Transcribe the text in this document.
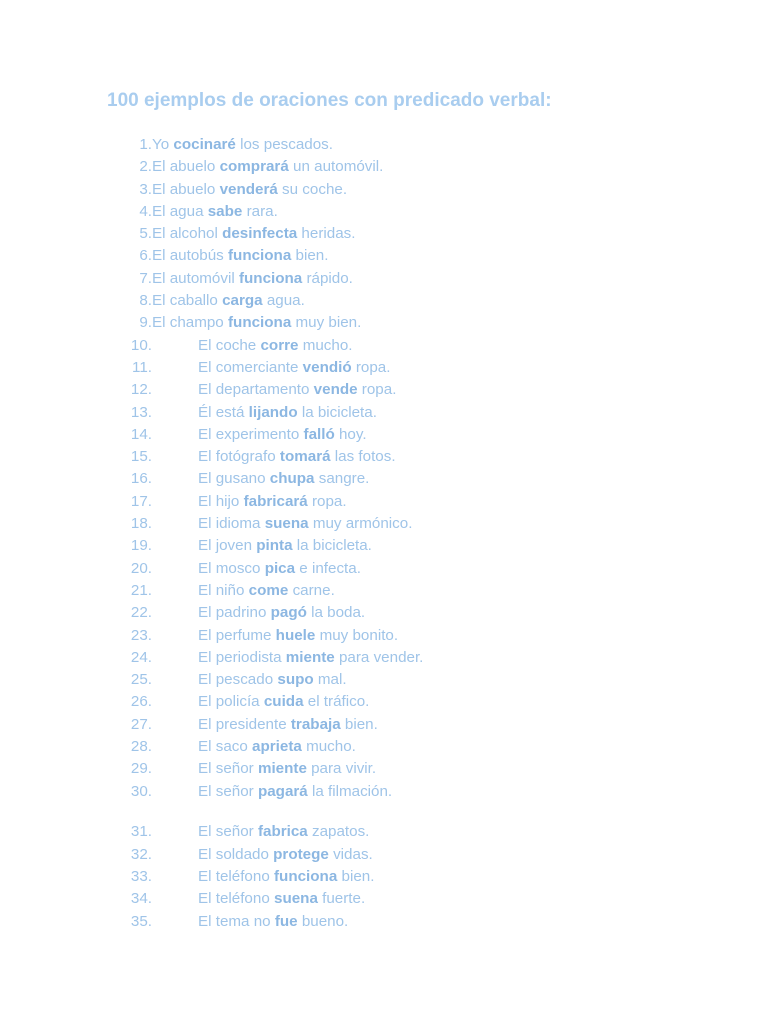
100 ejemplos de oraciones con predicado verbal:
1. Yo cocinaré los pescados.
2. El abuelo comprará un automóvil.
3. El abuelo venderá su coche.
4. El agua sabe rara.
5. El alcohol desinfecta heridas.
6. El autobús funciona bien.
7. El automóvil funciona rápido.
8. El caballo carga agua.
9. El champo funciona muy bien.
10.	El coche corre mucho.
11.	El comerciante vendió ropa.
12.	El departamento vende ropa.
13.	Él está lijando la bicicleta.
14.	El experimento falló hoy.
15.	El fotógrafo tomará las fotos.
16.	El gusano chupa sangre.
17.	El hijo fabricará ropa.
18.	El idioma suena muy armónico.
19.	El joven pinta la bicicleta.
20.	El mosco pica e infecta.
21.	El niño come carne.
22.	El padrino pagó la boda.
23.	El perfume huele muy bonito.
24.	El periodista miente para vender.
25.	El pescado supo mal.
26.	El policía cuida el tráfico.
27.	El presidente trabaja bien.
28.	El saco aprieta mucho.
29.	El señor miente para vivir.
30.	El señor pagará la filmación.
31.	El señor fabrica zapatos.
32.	El soldado protege vidas.
33.	El teléfono funciona bien.
34.	El teléfono suena fuerte.
35.	El tema no fue bueno.
